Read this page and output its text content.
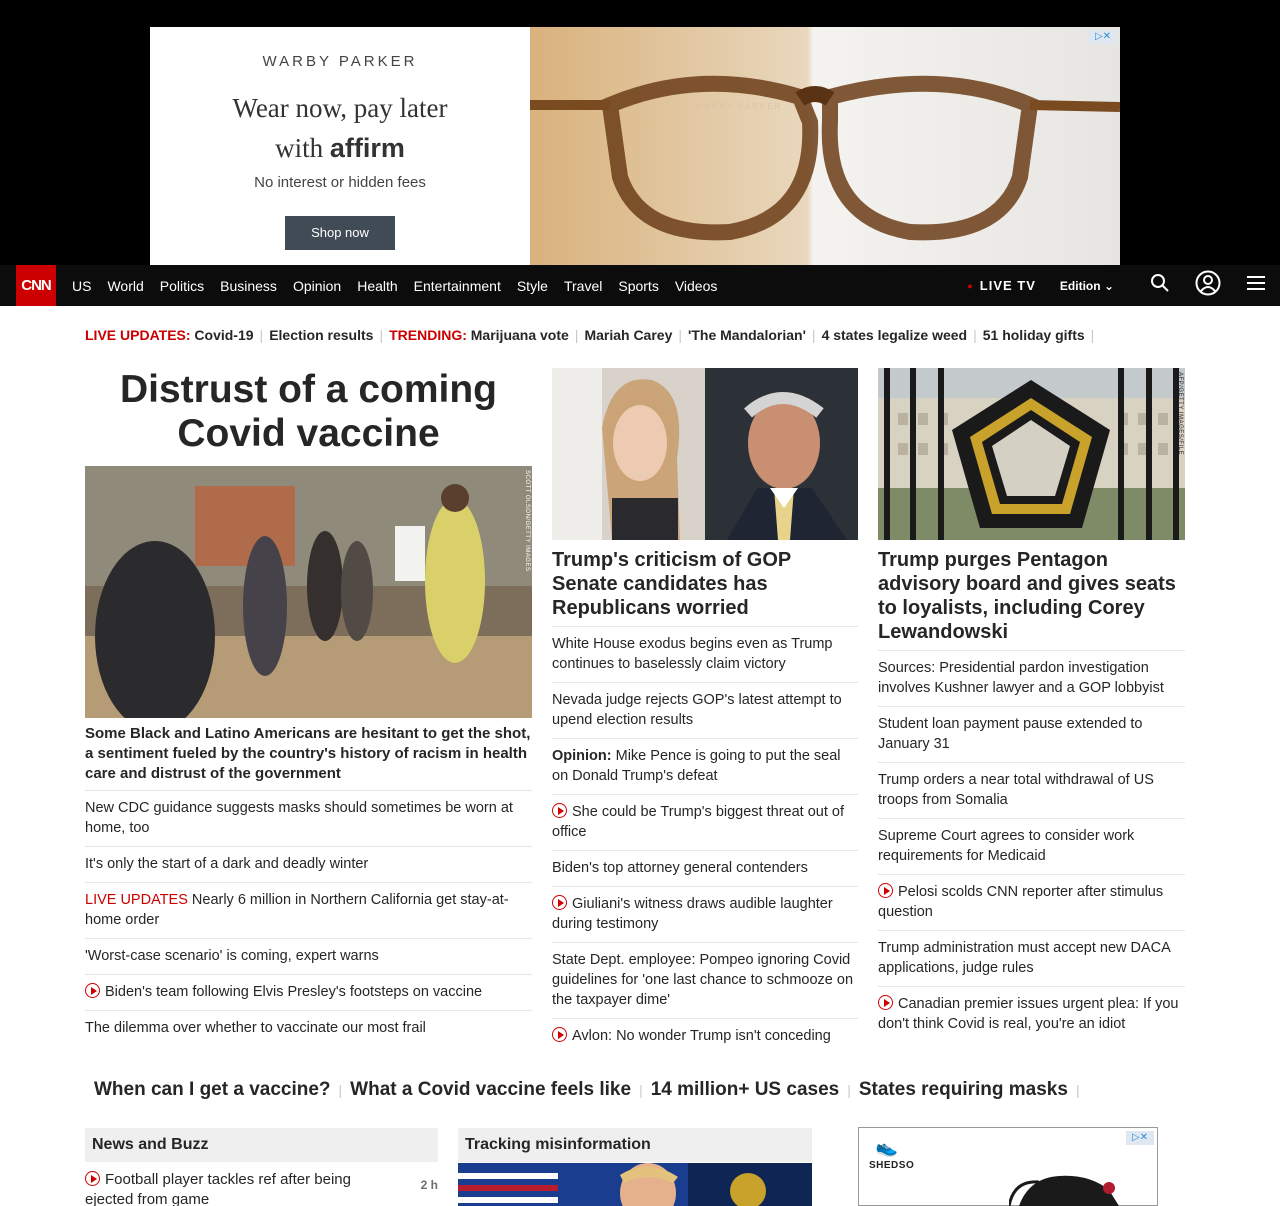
WARBY PARKER
Wear now, pay later
with affirm
No interest or hidden fees
Shop now
WARBY PARKER
▷✕
CNN	US World Politics Business Opinion Health Entertainment Style Travel Sports Videos	● LIVE TV Edition ⌄
LIVE UPDATES: Covid-19 | Election results | TRENDING: Marijuana vote | Mariah Carey | 'The Mandalorian' | 4 states legalize weed | 51 holiday gifts |
Distrust of a coming Covid vaccine
SCOTT OLSON/GETTY IMAGES
Some Black and Latino Americans are hesitant to get the shot, a sentiment fueled by the country's history of racism in health care and distrust of the government
New CDC guidance suggests masks should sometimes be worn at home, too
It's only the start of a dark and deadly winter
LIVE UPDATES Nearly 6 million in Northern California get stay-at-home order
'Worst-case scenario' is coming, expert warns
Biden's team following Elvis Presley's footsteps on vaccine
The dilemma over whether to vaccinate our most frail
Trump's criticism of GOP Senate candidates has Republicans worried
White House exodus begins even as Trump continues to baselessly claim victory
Nevada judge rejects GOP's latest attempt to upend election results
Opinion: Mike Pence is going to put the seal on Donald Trump's defeat
She could be Trump's biggest threat out of office
Biden's top attorney general contenders
Giuliani's witness draws audible laughter during testimony
State Dept. employee: Pompeo ignoring Covid guidelines for 'one last chance to schmooze on the taxpayer dime'
Avlon: No wonder Trump isn't conceding
AFP/GETTY IMAGES/FILE
Trump purges Pentagon advisory board and gives seats to loyalists, including Corey Lewandowski
Sources: Presidential pardon investigation involves Kushner lawyer and a GOP lobbyist
Student loan payment pause extended to January 31
Trump orders a near total withdrawal of US troops from Somalia
Supreme Court agrees to consider work requirements for Medicaid
Pelosi scolds CNN reporter after stimulus question
Trump administration must accept new DACA applications, judge rules
Canadian premier issues urgent plea: If you don't think Covid is real, you're an idiot
When can I get a vaccine? | What a Covid vaccine feels like | 14 million+ US cases | States requiring masks |
News and Buzz
Football player tackles ref after being ejected from game
2 h
Tracking misinformation	👟
SHEDSO
▷✕
